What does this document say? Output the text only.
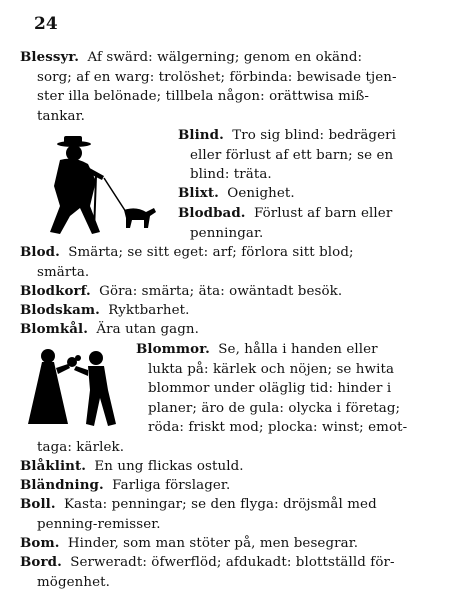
24
Blessyr. Af swärd: wälgerning; genom en okänd:
sorg; af en warg: trolöshet; förbinda: bewisade tjen-
ster illa belönade; tillbela någon: orättwisa miß-
tankar.
Blind. Tro sig blind: bedrägeri
eller förlust af ett barn; se en
blind: träta.
Blixt. Oenighet.
Blodbad. Förlust af barn eller
penningar.
Blod. Smärta; se sitt eget: arf; förlora sitt blod;
smärta.
Blodkorf. Göra: smärta; äta: owäntadt besök.
Blodskam. Ryktbarhet.
Blomkål. Ära utan gagn.
Blommor. Se, hålla i handen eller
lukta på: kärlek och nöjen; se hwita
blommor under oläglig tid: hinder i
planer; äro de gula: olycka i företag;
röda: friskt mod; plocka: winst; emot-
taga: kärlek.
Blåklint. En ung flickas ostuld.
Bländning. Farliga förslager.
Boll. Kasta: penningar; se den flyga: dröjsmål med
penning-remisser.
Bom. Hinder, som man stöter på, men besegrar.
Bord. Serweradt: öfwerflöd; afdukadt: blottställd för-
mögenhet.
